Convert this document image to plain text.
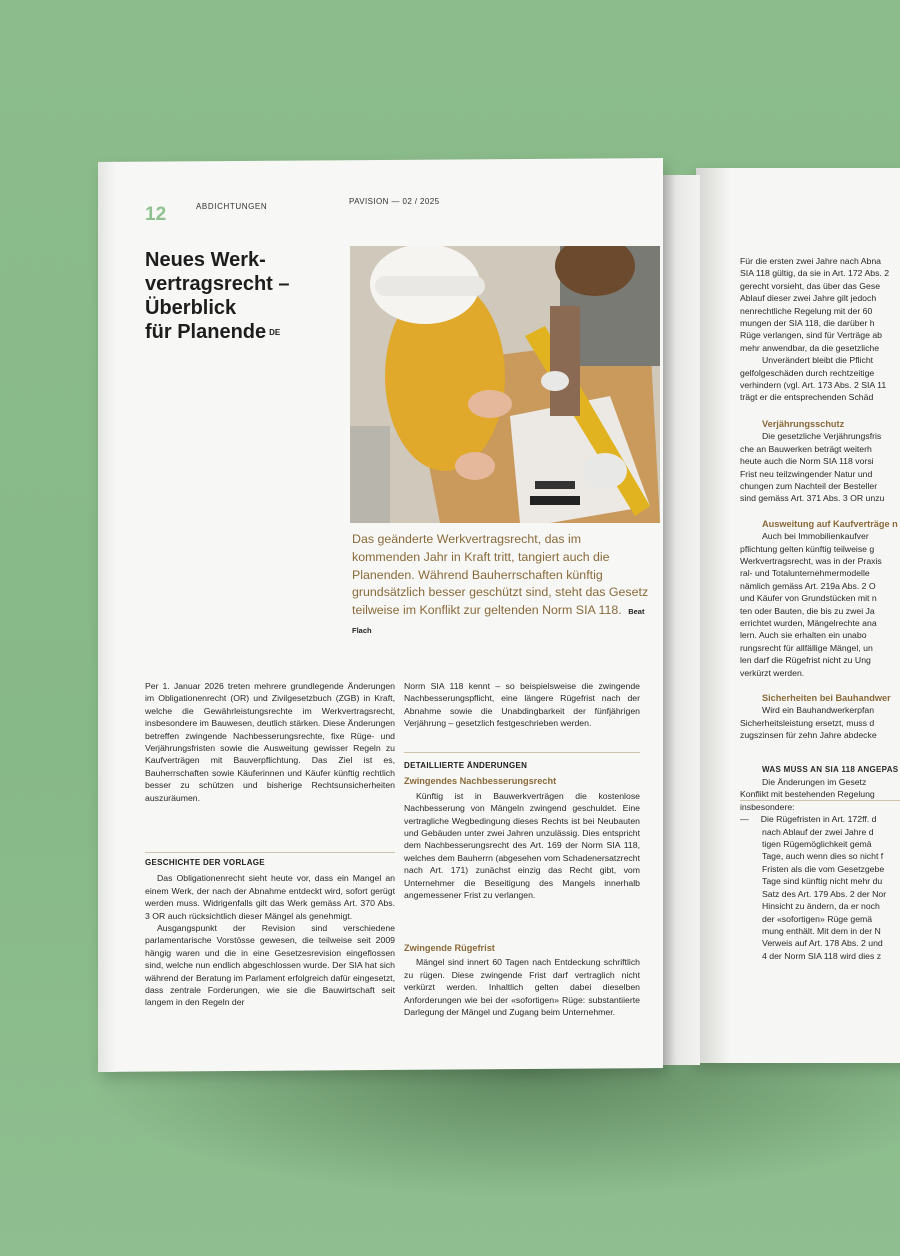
12	ABDICHTUNGEN
PAVISION — 02 / 2025
Neues Werk-
vertragsrecht –
Überblick
für Planende DE
Das geänderte Werkvertragsrecht, das im kommenden Jahr in Kraft tritt, tangiert auch die Planenden. Während Bauherrschaften künftig grundsätzlich besser geschützt sind, steht das Gesetz teilweise im Konflikt zur geltenden Norm SIA 118. Beat Flach

Per 1. Januar 2026 treten mehrere grundlegende Änderungen im Obligationenrecht (OR) und Zivilgesetzbuch (ZGB) in Kraft, welche die Gewährleistungsrechte im Werkvertragsrecht, insbesondere im Bauwesen, deutlich stärken. Diese Änderungen betreffen zwingende Nachbesserungsrechte, fixe Rüge- und Verjährungsfristen sowie die Ausweitung gewisser Regeln zu Kaufverträgen mit Bauverpflichtung. Das Ziel ist es, Bauherrschaften sowie Käuferinnen und Käufer künftig rechtlich besser zu schützen und bisherige Rechtsunsicherheiten auszuräumen.

GESCHICHTE DER VORLAGE

Das Obligationenrecht sieht heute vor, dass ein Mangel an einem Werk, der nach der Abnahme entdeckt wird, sofort gerügt werden muss. Widrigenfalls gilt das Werk gemäss Art. 370 Abs. 3 OR auch rücksichtlich dieser Mängel als genehmigt.

Ausgangspunkt der Revision sind verschiedene parlamentarische Vorstösse gewesen, die teilweise seit 2009 hängig waren und die in eine Gesetzesrevision eingeflossen sind, welche nun endlich abgeschlossen wurde. Der SIA hat sich während der Beratung im Parlament erfolgreich dafür eingesetzt, dass zentrale Forderungen, wie sie die Bauwirtschaft seit langem in den Regeln der

Norm SIA 118 kennt – so beispielsweise die zwingende Nachbesserungspflicht, eine längere Rügefrist nach der Abnahme sowie die Unabdingbarkeit der fünfjährigen Verjährung – gesetzlich festgeschrieben werden.

DETAILLIERTE ÄNDERUNGEN

Zwingendes Nachbesserungsrecht

Künftig ist in Bauwerkverträgen die kostenlose Nachbesserung von Mängeln zwingend geschuldet. Eine vertragliche Wegbedingung dieses Rechts ist bei Neubauten und Gebäuden unter zwei Jahren unzulässig. Dies entspricht dem Nachbesserungsrecht des Art. 169 der Norm SIA 118, welches dem Bauherrn (abgesehen vom Schadenersatzrecht nach Art. 171) zunächst einzig das Recht gibt, vom Unternehmer die Beseitigung des Mangels innerhalb angemessener Frist zu verlangen.

Zwingende Rügefrist

Mängel sind innert 60 Tagen nach Entdeckung schriftlich zu rügen. Diese zwingende Frist darf vertraglich nicht verkürzt werden. Inhaltlich gelten dabei dieselben Anforderungen wie bei der «sofortigen» Rüge: substantiierte Darlegung der Mängel und Zugang beim Unternehmer.

Für die ersten zwei Jahre nach Abna

SIA 118 gültig, da sie in Art. 172 Abs. 2

gerecht vorsieht, das über das Gese

Ablauf dieser zwei Jahre gilt jedoch

nenrechtliche Regelung mit der 60

mungen der SIA 118, die darüber h

Rüge verlangen, sind für Verträge ab

mehr anwendbar, da die gesetzliche

Unverändert bleibt die Pflicht

gelfolgeschäden durch rechtzeitige

verhindern (vgl. Art. 173 Abs. 2 SIA 11

trägt er die entsprechenden Schäd

Verjährungsschutz

Die gesetzliche Verjährungsfris

che an Bauwerken beträgt weiterh

heute auch die Norm SIA 118 vorsi

Frist neu teilzwingender Natur und

chungen zum Nachteil der Besteller

sind gemäss Art. 371 Abs. 3 OR unzu

Ausweitung auf Kaufverträge n

Auch bei Immobilienkaufver

pflichtung gelten künftig teilweise g

Werkvertragsrecht, was in der Praxis

ral- und Totalunternehmermodelle

nämlich gemäss Art. 219a Abs. 2 O

und Käufer von Grundstücken mit n

ten oder Bauten, die bis zu zwei Ja

errichtet wurden, Mängelrechte ana

lern. Auch sie erhalten ein unabo

rungsrecht für allfällige Mängel, un

len darf die Rügefrist nicht zu Ung

verkürzt werden.

Sicherheiten bei Bauhandwer

Wird ein Bauhandwerkerpfan

Sicherheitsleistung ersetzt, muss d

zugszinsen für zehn Jahre abdecke

WAS MUSS AN SIA 118 ANGEPAS

Die Änderungen im Gesetz

Konflikt mit bestehenden Regelung

insbesondere:

— Die Rügefristen in Art. 172ff. d

nach Ablauf der zwei Jahre d

tigen Rügemöglichkeit gemä

Tage, auch wenn dies so nicht f

Fristen als die vom Gesetzgebe

Tage sind künftig nicht mehr du

Satz des Art. 179 Abs. 2 der Nor

Hinsicht zu ändern, da er noch

der «sofortigen» Rüge gemä

mung enthält. Mit dem in der N

Verweis auf Art. 178 Abs. 2 und

4 der Norm SIA 118 wird dies z
